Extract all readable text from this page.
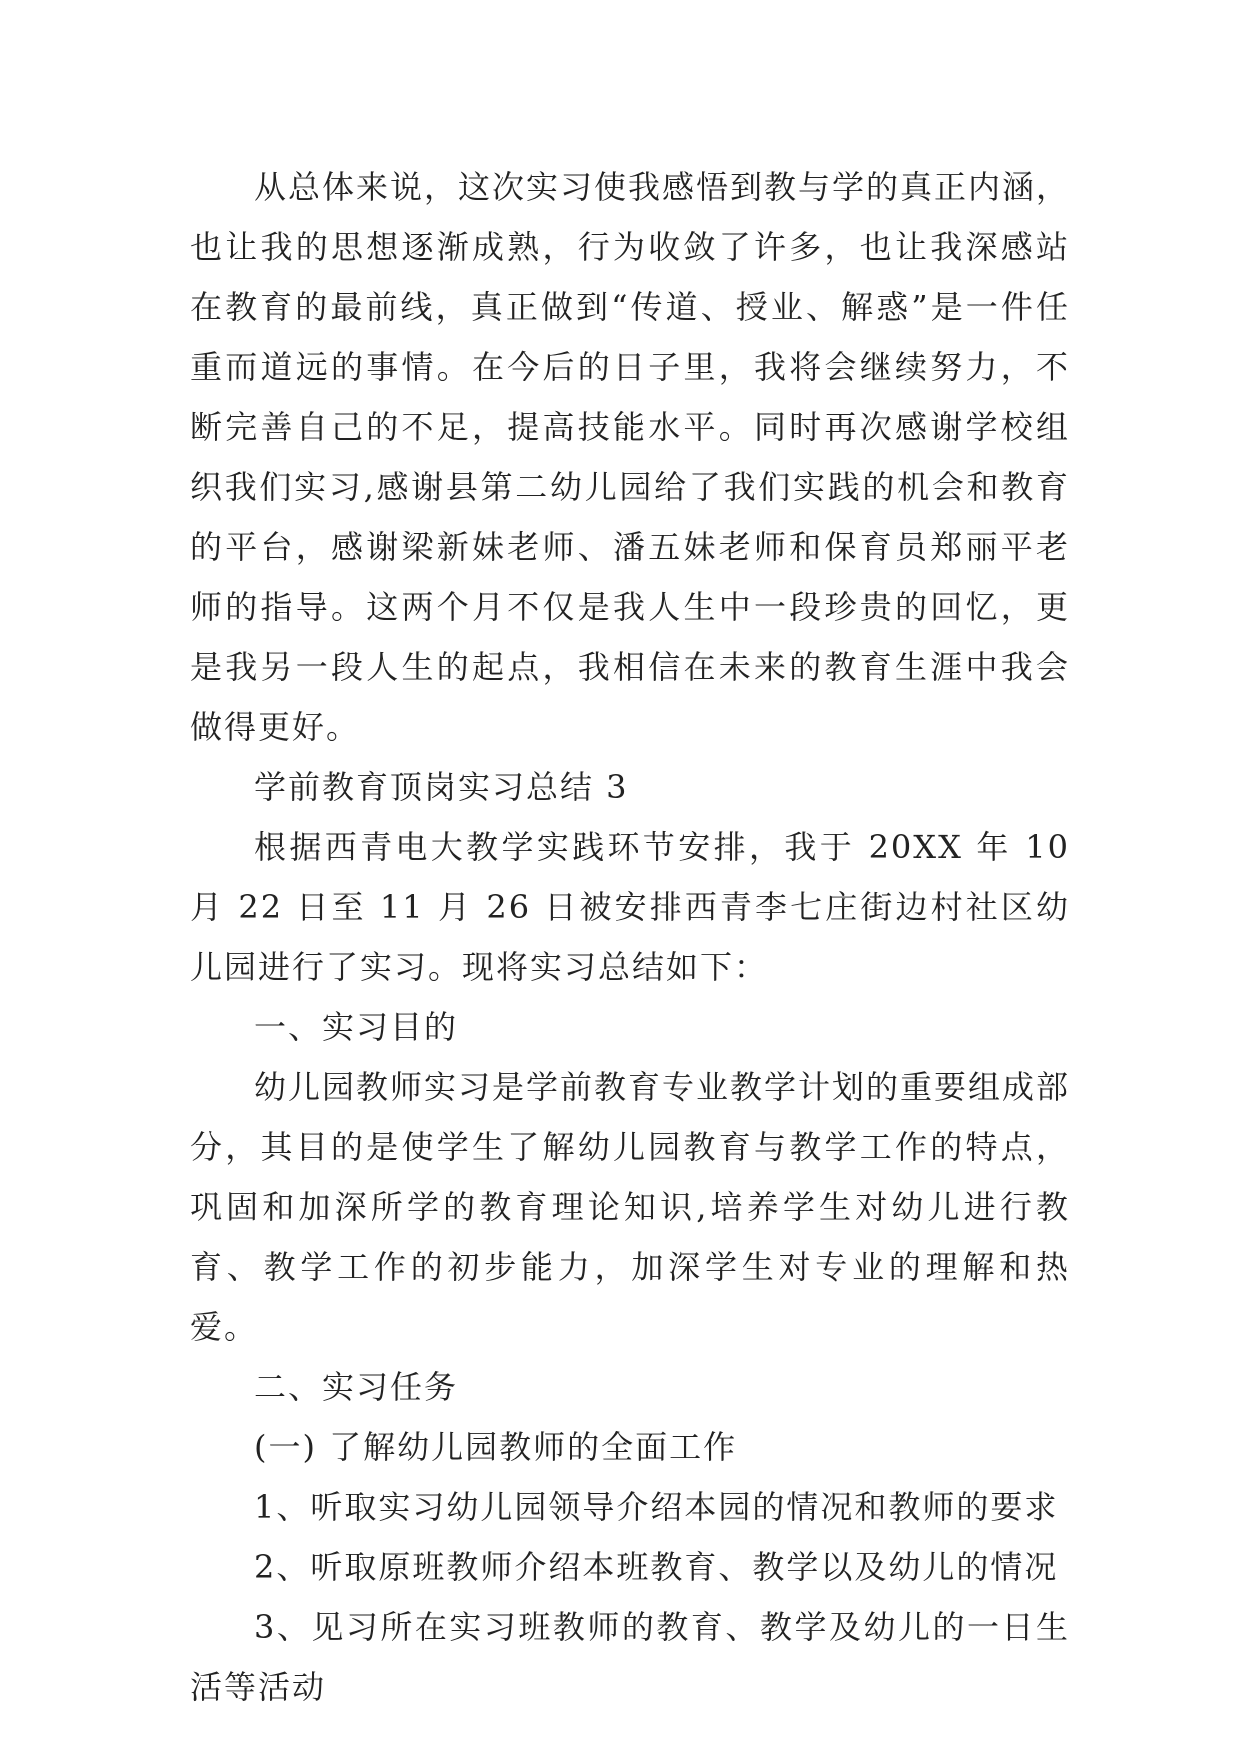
从总体来说，这次实习使我感悟到教与学的真正内涵，也让我的思想逐渐成熟，行为收敛了许多，也让我深感站在教育的最前线，真正做到“传道、授业、解惑”是一件任重而道远的事情。在今后的日子里，我将会继续努力，不断完善自己的不足，提高技能水平。同时再次感谢学校组织我们实习,感谢县第二幼儿园给了我们实践的机会和教育的平台，感谢梁新妹老师、潘五妹老师和保育员郑丽平老师的指导。这两个月不仅是我人生中一段珍贵的回忆，更是我另一段人生的起点，我相信在未来的教育生涯中我会做得更好。

学前教育顶岗实习总结 3

根据西青电大教学实践环节安排，我于 20XX 年 10 月 22 日至 11 月 26 日被安排西青李七庄街边村社区幼儿园进行了实习。现将实习总结如下：

一、实习目的

幼儿园教师实习是学前教育专业教学计划的重要组成部分，其目的是使学生了解幼儿园教育与教学工作的特点，巩固和加深所学的教育理论知识,培养学生对幼儿进行教育、教学工作的初步能力，加深学生对专业的理解和热爱。

二、实习任务

(一) 了解幼儿园教师的全面工作

1、听取实习幼儿园领导介绍本园的情况和教师的要求

2、听取原班教师介绍本班教育、教学以及幼儿的情况

3、见习所在实习班教师的教育、教学及幼儿的一日生活等活动
